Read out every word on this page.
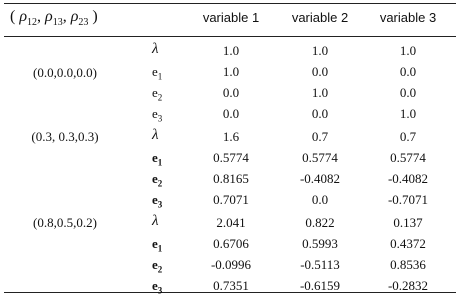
( $\rho_{12}$, $\rho_{13}$, $\rho_{23}$ )	variable 1	variable 2	variable 3
(0.0,0.0,0.0)
λ	1.0	1.0	1.0
$e_1$	1.0	0.0	0.0
$e_2$	0.0	1.0	0.0
$e_3$	0.0	0.0	1.0
(0.3, 0.3,0.3)	λ	1.6	0.7	0.7
$e_1$	0.5774	0.5774	0.5774
$e_2$	0.8165	-0.4082	-0.4082
$e_3$	0.7071	0.0	-0.7071
(0.8,0.5,0.2)	λ	2.041	0.822	0.137
$e_1$	0.6706	0.5993	0.4372
$e_2$	-0.0996	-0.5113	0.8536
$e_3$	0.7351	-0.6159	-0.2832
